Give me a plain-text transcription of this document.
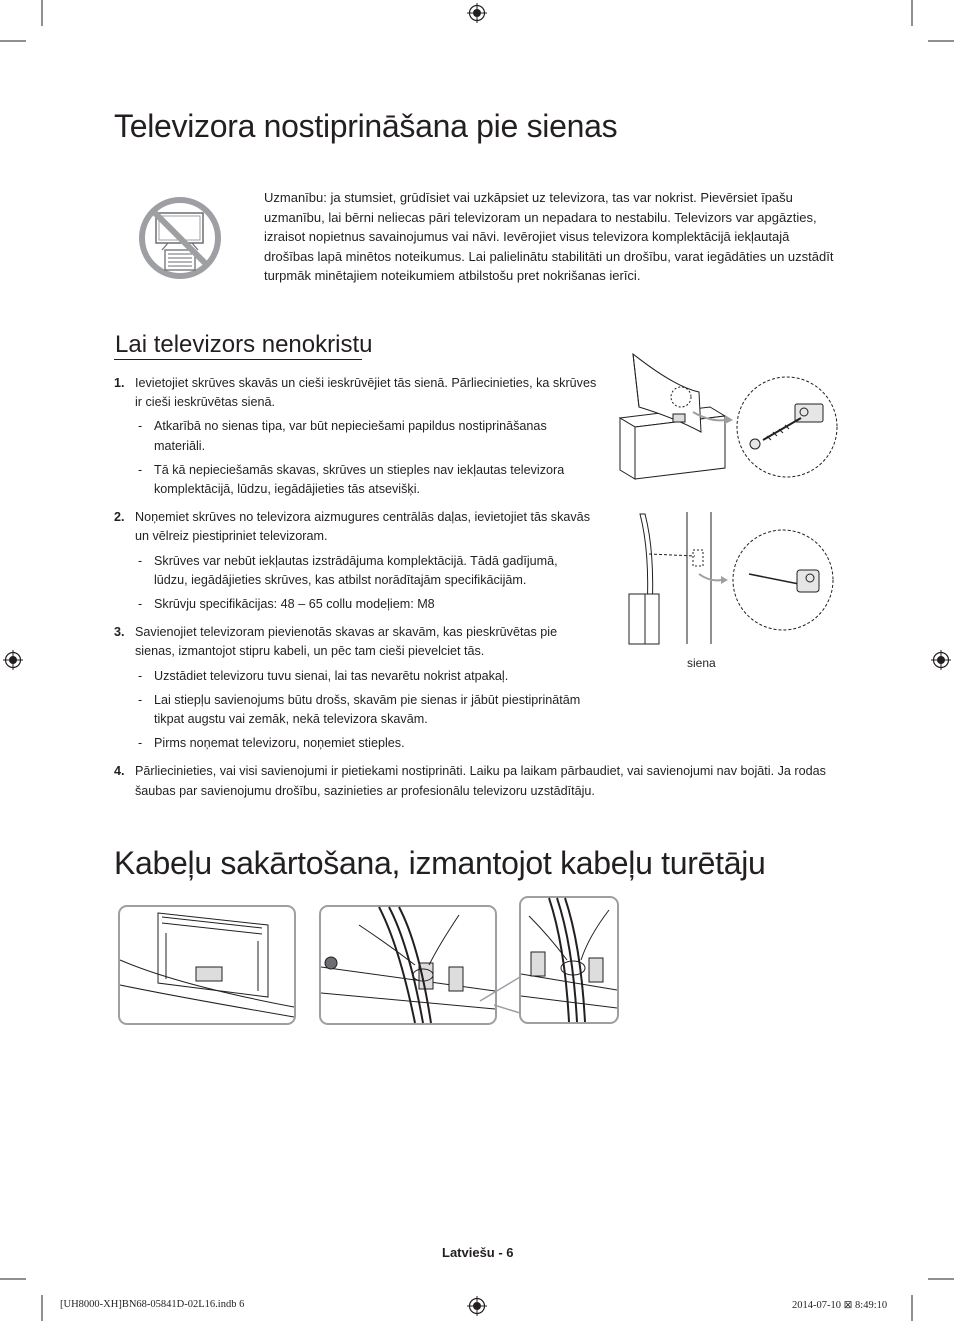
Televizora nostiprināšana pie sienas
Uzmanību: ja stumsiet, grūdīsiet vai uzkāpsiet uz televizora, tas var nokrist. Pievērsiet īpašu uzmanību, lai bērni neliecas pāri televizoram un nepadara to nestabilu. Televizors var apgāzties, izraisot nopietnus savainojumus vai nāvi. Ievērojiet visus televizora komplektācijā iekļautajā drošības lapā minētos noteikumus. Lai palielinātu stabilitāti un drošību, varat iegādāties un uzstādīt turpmāk minētajiem noteikumiem atbilstošu pret nokrišanas ierīci.
Lai televizors nenokristu
1. Ievietojiet skrūves skavās un cieši ieskrūvējiet tās sienā. Pārliecinieties, ka skrūves ir cieši ieskrūvētas sienā.
- Atkarībā no sienas tipa, var būt nepieciešami papildus nostiprināšanas materiāli.
- Tā kā nepieciešamās skavas, skrūves un stieples nav iekļautas televizora komplektācijā, lūdzu, iegādājieties tās atsevišķi.
2. Noņemiet skrūves no televizora aizmugures centrālās daļas, ievietojiet tās skavās un vēlreiz piestipriniet televizoram.
- Skrūves var nebūt iekļautas izstrādājuma komplektācijā. Tādā gadījumā, lūdzu, iegādājieties skrūves, kas atbilst norādītajām specifikācijām.
- Skrūvju specifikācijas: 48 – 65 collu modeļiem: M8
3. Savienojiet televizoram pievienotās skavas ar skavām, kas pieskrūvētas pie sienas, izmantojot stipru kabeli, un pēc tam cieši pievelciet tās.
- Uzstādiet televizoru tuvu sienai, lai tas nevarētu nokrist atpakaļ.
- Lai stiepļu savienojums būtu drošs, skavām pie sienas ir jābūt piestiprinātām tikpat augstu vai zemāk, nekā televizora skavām.
- Pirms noņemat televizoru, noņemiet stieples.
4. Pārliecinieties, vai visi savienojumi ir pietiekami nostiprināti. Laiku pa laikam pārbaudiet, vai savienojumi nav bojāti. Ja rodas šaubas par savienojumu drošību, sazinieties ar profesionālu televizoru uzstādītāju.
siena
Kabeļu sakārtošana, izmantojot kabeļu turētāju
Latviešu - 6
[UH8000-XH]BN68-05841D-02L16.indb 6	2014-07-10 ⊠ 8:49:10
